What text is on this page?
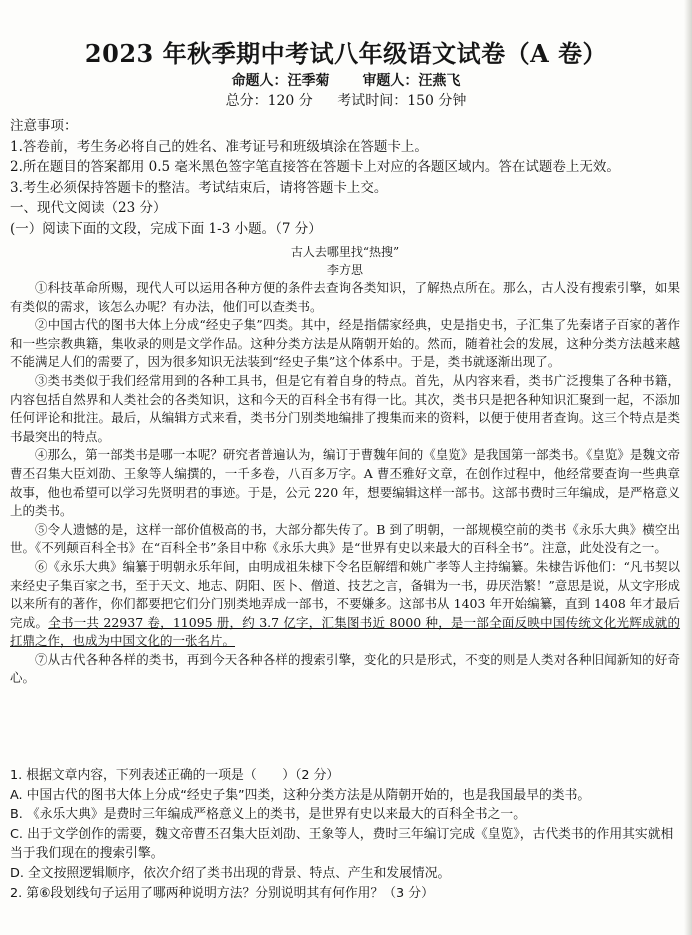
2023 年秋季期中考试八年级语文试卷（A 卷）
命题人：汪季菊 审题人：汪燕飞
总分：120 分 考试时间：150 分钟

注意事项：

1.答卷前，考生务必将自己的姓名、准考证号和班级填涂在答题卡上。

2.所在题目的答案都用 0.5 毫米黑色签字笔直接答在答题卡上对应的各题区域内。答在试题卷上无效。

3.考生必须保持答题卡的整洁。考试结束后，请将答题卡上交。

一、现代文阅读（23 分）

(一）阅读下面的文段，完成下面 1-3 小题。（7 分）

古人去哪里找“热搜”
李方思

①科技革命所赐，现代人可以运用各种方便的条件去查询各类知识，了解热点所在。那么，古人没有搜索引擎，如果有类似的需求，该怎么办呢？有办法，他们可以查类书。

②中国古代的图书大体上分成“经史子集”四类。其中，经是指儒家经典，史是指史书，子汇集了先秦诸子百家的著作和一些宗教典籍，集收录的则是文学作品。这种分类方法是从隋朝开始的。然而，随着社会的发展，这种分类方法越来越不能满足人们的需要了，因为很多知识无法装到“经史子集”这个体系中。于是，类书就逐渐出现了。

③类书类似于我们经常用到的各种工具书，但是它有着自身的特点。首先，从内容来看，类书广泛搜集了各种书籍，内容包括自然界和人类社会的各类知识，这和今天的百科全书有得一比。其次，类书只是把各种知识汇聚到一起，不添加任何评论和批注。最后，从编辑方式来看，类书分门别类地编排了搜集而来的资料，以便于使用者查询。这三个特点是类书最突出的特点。

④那么，第一部类书是哪一本呢？研究者普遍认为，编订于曹魏年间的《皇览》是我国第一部类书。《皇览》是魏文帝曹丕召集大臣刘劭、王象等人编撰的，一千多卷，八百多万字。A 曹丕雅好文章，在创作过程中，他经常要查询一些典章故事，他也希望可以学习先贤明君的事迹。于是，公元 220 年，想要编辑这样一部书。这部书费时三年编成，是严格意义上的类书。

⑤令人遗憾的是，这样一部价值极高的书，大部分都失传了。B 到了明朝，一部规模空前的类书《永乐大典》横空出世。《不列颠百科全书》在“百科全书”条目中称《永乐大典》是“世界有史以来最大的百科全书”。注意，此处没有之一。

⑥《永乐大典》编纂于明朝永乐年间，由明成祖朱棣下令名臣解缙和姚广孝等人主持编纂。朱棣告诉他们：“凡书契以来经史子集百家之书，至于天文、地志、阴阳、医卜、僧道、技艺之言，备辑为一书，毋厌浩繁！”意思是说，从文字形成以来所有的著作，你们都要把它们分门别类地弄成一部书，不要嫌多。这部书从 1403 年开始编纂，直到 1408 年才最后完成。全书一共 22937 卷，11095 册，约 3.7 亿字，汇集图书近 8000 种，是一部全面反映中国传统文化光辉成就的扛鼎之作，也成为中国文化的一张名片。

⑦从古代各种各样的类书，再到今天各种各样的搜索引擎，变化的只是形式，不变的则是人类对各种旧闻新知的好奇心。

1. 根据文章内容，下列表述正确的一项是（　　）（2 分）

A. 中国古代的图书大体上分成“经史子集”四类，这种分类方法是从隋朝开始的，也是我国最早的类书。

B. 《永乐大典》是费时三年编成严格意义上的类书，是世界有史以来最大的百科全书之一。

C. 出于文学创作的需要，魏文帝曹丕召集大臣刘劭、王象等人，费时三年编订完成《皇览》，古代类书的作用其实就相当于我们现在的搜索引擎。

D. 全文按照逻辑顺序，依次介绍了类书出现的背景、特点、产生和发展情况。

2. 第⑥段划线句子运用了哪两种说明方法？分别说明其有何作用？（3 分）
